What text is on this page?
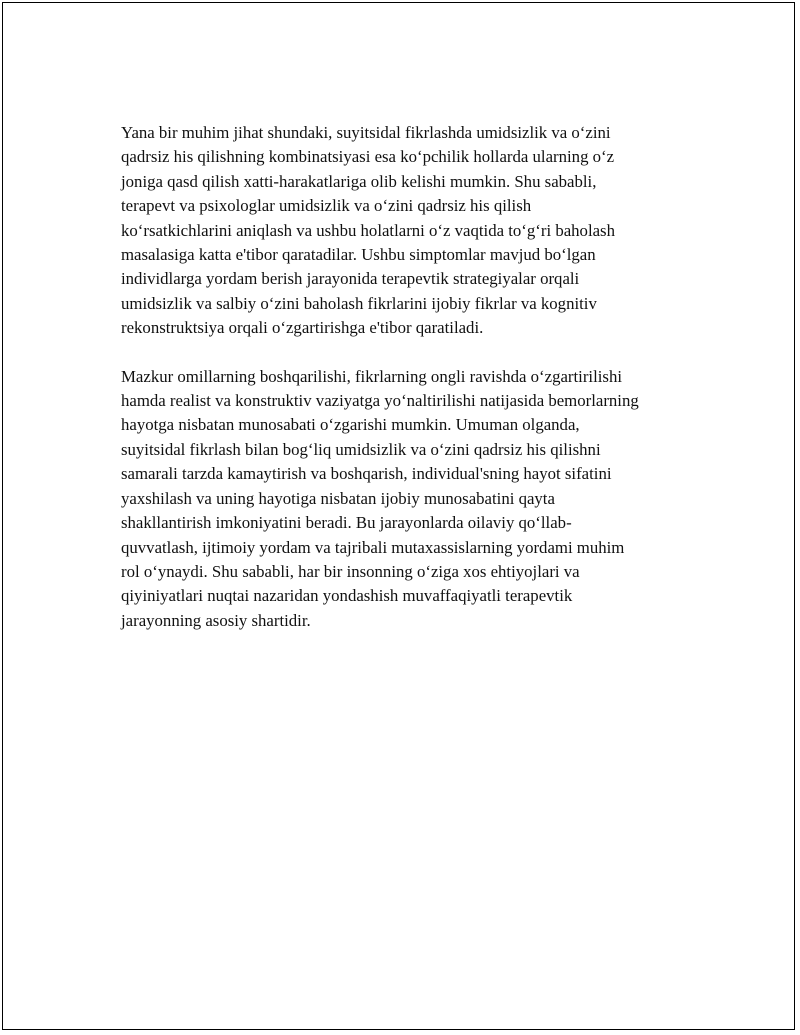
Yana bir muhim jihat shundaki, suyitsidal fikrlashda umidsizlik va o‘zini
qadrsiz his qilishning kombinatsiyasi esa ko‘pchilik hollarda ularning o‘z
joniga qasd qilish xatti-harakatlariga olib kelishi mumkin. Shu sababli,
terapevt va psixologlar umidsizlik va o‘zini qadrsiz his qilish
ko‘rsatkichlarini aniqlash va ushbu holatlarni o‘z vaqtida to‘g‘ri baholash
masalasiga katta e'tibor qaratadilar. Ushbu simptomlar mavjud bo‘lgan
individlarga yordam berish jarayonida terapevtik strategiyalar orqali
umidsizlik va salbiy o‘zini baholash fikrlarini ijobiy fikrlar va kognitiv
rekonstruktsiya orqali o‘zgartirishga e'tibor qaratiladi.

Mazkur omillarning boshqarilishi, fikrlarning ongli ravishda o‘zgartirilishi
hamda realist va konstruktiv vaziyatga yo‘naltirilishi natijasida bemorlarning
hayotga nisbatan munosabati o‘zgarishi mumkin. Umuman olganda,
suyitsidal fikrlash bilan bog‘liq umidsizlik va o‘zini qadrsiz his qilishni
samarali tarzda kamaytirish va boshqarish, individual'sning hayot sifatini
yaxshilash va uning hayotiga nisbatan ijobiy munosabatini qayta
shakllantirish imkoniyatini beradi. Bu jarayonlarda oilaviy qo‘llab-
quvvatlash, ijtimoiy yordam va tajribali mutaxassislarning yordami muhim
rol o‘ynaydi. Shu sababli, har bir insonning o‘ziga xos ehtiyojlari va
qiyiniyatlari nuqtai nazaridan yondashish muvaffaqiyatli terapevtik
jarayonning asosiy shartidir.
